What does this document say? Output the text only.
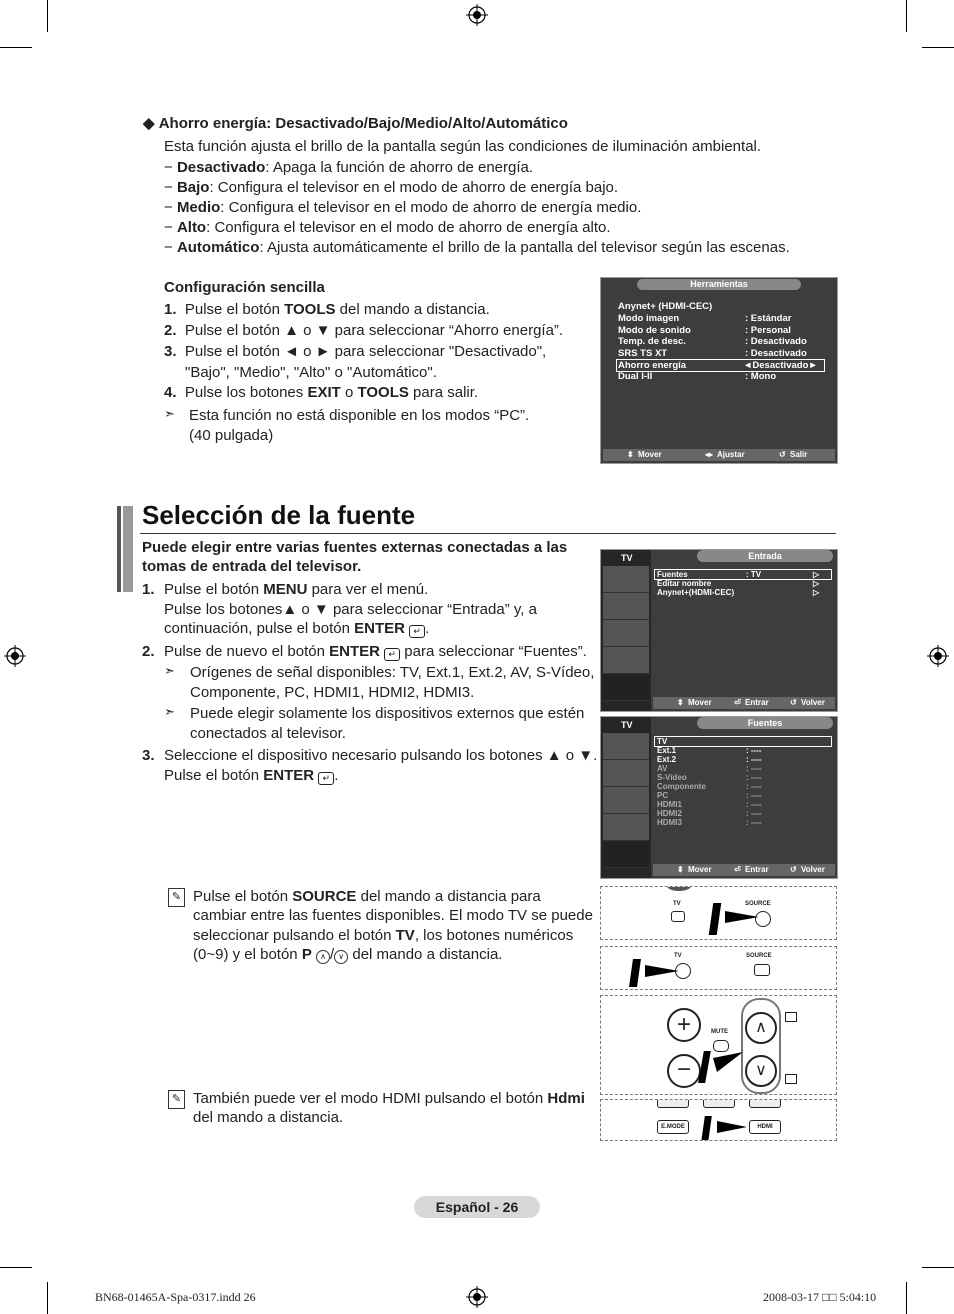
◆ Ahorro energía: Desactivado/Bajo/Medio/Alto/Automático
Esta función ajusta el brillo de la pantalla según las condiciones de iluminación ambiental.
− Desactivado: Apaga la función de ahorro de energía.
− Bajo: Configura el televisor en el modo de ahorro de energía bajo.
− Medio: Configura el televisor en el modo de ahorro de energía medio.
− Alto: Configura el televisor en el modo de ahorro de energía alto.
− Automático: Ajusta automáticamente el brillo de la pantalla del televisor según las escenas.
Configuración sencilla
1. Pulse el botón TOOLS del mando a distancia.
2. Pulse el botón ▲ o ▼ para seleccionar “Ahorro energía”.
3. Pulse el botón ◄ o ► para seleccionar "Desactivado",
"Bajo", "Medio", "Alto" o "Automático".
4. Pulse los botones EXIT o TOOLS para salir.
➣ Esta función no está disponible en los modos “PC”.
(40 pulgada)
Herramientas
Anynet+ (HDMI-CEC)
Modo imagen	: Estándar
Modo de sonido	: Personal
Temp. de desc.	: Desactivado
SRS TS XT	: Desactivado
Ahorro energía	◄Desactivado►
Dual I-II	: Mono
⬍ Mover	◂▸ Ajustar	↺ Salir
Selección de la fuente
Puede elegir entre varias fuentes externas conectadas a las
tomas de entrada del televisor.
1. Pulse el botón MENU para ver el menú.
Pulse los botones▲ o ▼ para seleccionar “Entrada” y, a
continuación, pulse el botón ENTER ↵ .
2. Pulse de nuevo el botón ENTER ↵ para seleccionar “Fuentes”.
➣ Orígenes de señal disponibles: TV, Ext.1, Ext.2, AV, S-Vídeo,
Componente, PC, HDMI1, HDMI2, HDMI3.
➣ Puede elegir solamente los dispositivos externos que estén
conectados al televisor.
3. Seleccione el dispositivo necesario pulsando los botones ▲ o ▼.
Pulse el botón ENTER ↵ .
TV	Entrada
Fuentes	: TV	▷
Editar nombre	▷
Anynet+(HDMI-CEC)	▷
⬍ Mover	⏎ Entrar	↺ Volver
TV	Fuentes
TV
Ext.1	: ----
Ext.2	: ----
AV	: ----
S-Vídeo	: ----
Componente	: ----
PC	: ----
HDMI1	: ----
HDMI2	: ----
HDMI3	: ----
⬍ Mover	⏎ Entrar	↺ Volver
✎ Pulse el botón SOURCE del mando a distancia para
cambiar entre las fuentes disponibles. El modo TV se puede
seleccionar pulsando el botón TV, los botones numéricos
(0~9) y el botón P ∧ / ∨ del mando a distancia.
✎ También puede ver el modo HDMI pulsando el botón Hdmi
del mando a distancia.
TV	SOURCE
TV	SOURCE
+
−
MUTE	∧
∨
E.MODE	HDMI
Español - 26
BN68-01465A-Spa-0317.indd 26	2008-03-17 □□ 5:04:10
